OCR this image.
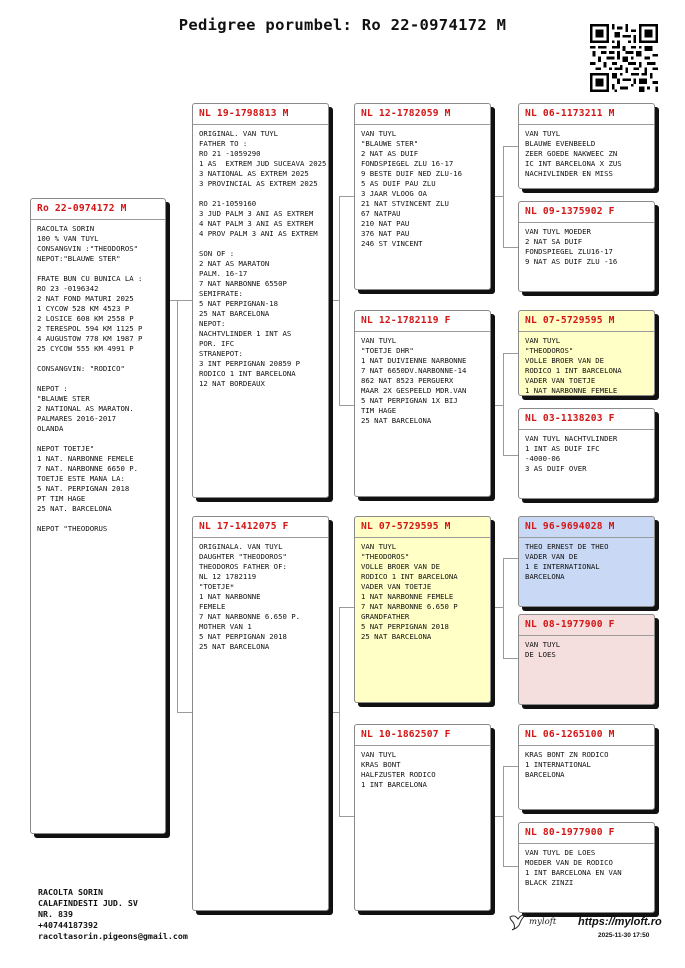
Pedigree porumbel: Ro 22-0974172 M
Ro 22-0974172 M
RACOLTA SORIN
100 % VAN TUYL
CONSANGVIN :"THEODOROS"
NEPOT:"BLAUWE STER"

FRATE BUN CU BUNICA LA :
RO 23 -0196342
2 NAT FOND MATURI 2025
1 CYCOW 528 KM 4523 P
2 LOSICE 608 KM 2558 P
2 TERESPOL 594 KM 1125 P
4 AUGUSTOW 778 KM 1987 P
25 CYCOW 555 KM 4991 P

CONSANGVIN: "RODICO"

NEPOT :
"BLAUWE STER
2 NATIONAL AS MARATON.
PALMARES 2016-2017
OLANDA

NEPOT TOETJE"
1 NAT. NARBONNE FEMELE
7 NAT. NARBONNE 6650 P.
TOETJE ESTE MANA LA:
5 NAT. PERPIGNAN 2018
PT TIM HAGE
25 NAT. BARCELONA

NEPOT "THEODORUS
NL 19-1798813 M
ORIGINAL. VAN TUYL
FATHER TO :
RO 21 -1059290
1 AS  EXTREM JUD SUCEAVA 2025
3 NATIONAL AS EXTREM 2025
3 PROVINCIAL AS EXTREM 2025

RO 21-1059160
3 JUD PALM 3 ANI AS EXTREM
4 NAT PALM 3 ANI AS EXTREM
4 PROV PALM 3 ANI AS EXTREM

SON OF :
2 NAT AS MARATON
PALM. 16-17
7 NAT NARBONNE 6550P
SEMIFRATE:
5 NAT PERPIGNAN-18
25 NAT BARCELONA
NEPOT:
NACHTVLINDER 1 INT AS
POR. IFC
STRANEPOT:
3 INT PERPIGNAN 20859 P
RODICO 1 INT BARCELONA
12 NAT BORDEAUX
NL 17-1412075 F
ORIGINALA. VAN TUYL
DAUGHTER "THEODOROS"
THEODOROS FATHER OF:
NL 12 1782119
"TOETJE*
1 NAT NARBONNE
FEMELE
7 NAT NARBONNE 6.650 P.
MOTHER VAN 1
5 NAT PERPIGNAN 2018
25 NAT BARCELONA
NL 12-1782059 M
VAN TUYL
"BLAUWE STER"
2 NAT AS DUIF
FONDSPIEGEL ZLU 16-17
9 BESTE DUIF NED ZLU-16
5 AS DUIF PAU ZLU
3 JAAR VLOOG OA
21 NAT STVINCENT ZLU
67 NATPAU
210 NAT PAU
376 NAT PAU
246 ST VINCENT
NL 12-1782119 F
VAN TUYL
"TOETJE DHR"
1 NAT DUIVIENNE NARBONNE
7 NAT 6650DV.NARBONNE-14
862 NAT 8523 PERGUERX
MAAR 2X GESPEELD MDR.VAN
5 NAT PERPIGNAN 1X BIJ
TIM HAGE
25 NAT BARCELONA
NL 07-5729595 M
VAN TUYL
"THEODOROS"
VOLLE BROER VAN DE
RODICO 1 INT BARCELONA
VADER VAN TOETJE
1 NAT NARBONNE FEMELE
7 NAT NARBONNE 6.650 P
GRANDFATHER
5 NAT PERPIGNAN 2018
25 NAT BARCELONA
NL 10-1862507 F
VAN TUYL
KRAS BONT
HALFZUSTER RODICO
1 INT BARCELONA
NL 06-1173211 M
VAN TUYL
BLAUWE EVENBEELD
ZEER GOEDE NAKWEEC ZN
IC INT BARCELONA X ZUS
NACHIVLINDER EN MISS
NL 09-1375902 F
VAN TUYL MOEDER
2 NAT SA DUIF
FONDSPIEGEL ZLU16-17
9 NAT AS DUIF ZLU -16
NL 07-5729595 M
VAN TUYL
"THEODOROS"
VOLLE BROER VAN DE
RODICO 1 INT BARCELONA
VADER VAN TOETJE
1 NAT NARBONNE FEMELE
NL 03-1138203 F
VAN TUYL NACHTVLINDER
1 INT AS DUIF IFC
-4000-06
3 AS DUIF OVER
NL 96-9694028 M
THEO ERNEST DE THEO
VADER VAN DE
1 E INTERNATIONAL
BARCELONA
NL 08-1977900 F
VAN TUYL
DE LOES
NL 06-1265100 M
KRAS BONT ZN RODICO
1 INTERNATIONAL
BARCELONA
NL 80-1977900 F
VAN TUYL DE LOES
MOEDER VAN DE RODICO
1 INT BARCELONA EN VAN
BLACK ZINZI
RACOLTA SORIN
CALAFINDESTI JUD. SV
NR. 839
+40744187392
racoltasorin.pigeons@gmail.com
myloft https://myloft.ro
2025-11-30 17:50
